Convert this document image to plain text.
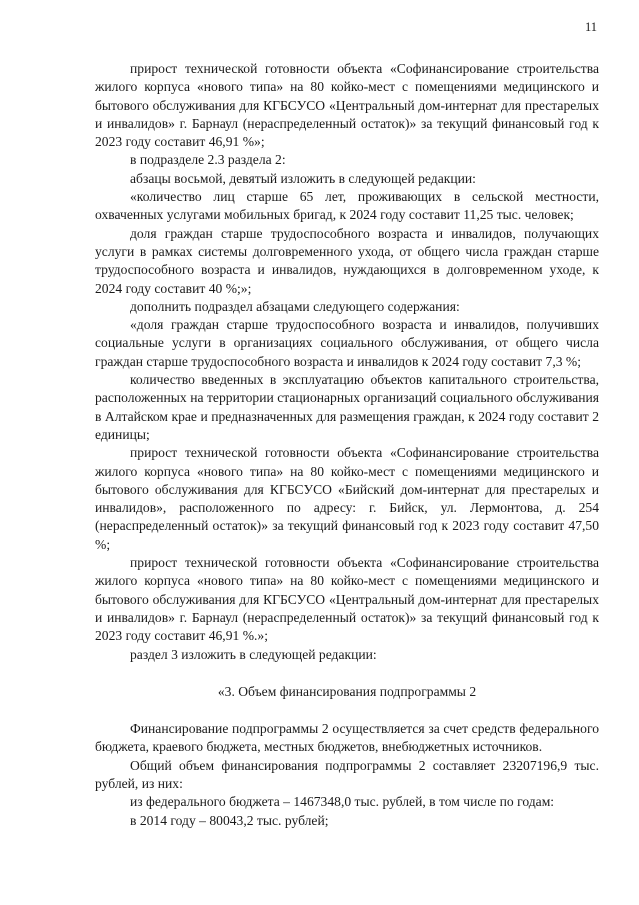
11

прирост технической готовности объекта «Софинансирование строительства жилого корпуса «нового типа» на 80 койко-мест с помещениями медицинского и бытового обслуживания для КГБСУСО «Центральный дом-интернат для престарелых и инвалидов» г. Барнаул (нераспределенный остаток)» за текущий финансовый год к 2023 году составит 46,91 %»;

в подразделе 2.3 раздела 2:

абзацы восьмой, девятый изложить в следующей редакции:

«количество лиц старше 65 лет, проживающих в сельской местности, охваченных услугами мобильных бригад, к 2024 году составит 11,25 тыс. человек;

доля граждан старше трудоспособного возраста и инвалидов, получающих услуги в рамках системы долговременного ухода, от общего числа граждан старше трудоспособного возраста и инвалидов, нуждающихся в долговременном уходе, к 2024 году составит 40 %;»;

дополнить подраздел абзацами следующего содержания:

«доля граждан старше трудоспособного возраста и инвалидов, получивших социальные услуги в организациях социального обслуживания, от общего числа граждан старше трудоспособного возраста и инвалидов к 2024 году составит 7,3 %;

количество введенных в эксплуатацию объектов капитального строительства, расположенных на территории стационарных организаций социального обслуживания в Алтайском крае и предназначенных для размещения граждан, к 2024 году составит 2 единицы;

прирост технической готовности объекта «Софинансирование строительства жилого корпуса «нового типа» на 80 койко-мест с помещениями медицинского и бытового обслуживания для КГБСУСО «Бийский дом-интернат для престарелых и инвалидов», расположенного по адресу: г. Бийск, ул. Лермонтова, д. 254 (нераспределенный остаток)» за текущий финансовый год к 2023 году составит 47,50 %;

прирост технической готовности объекта «Софинансирование строительства жилого корпуса «нового типа» на 80 койко-мест с помещениями медицинского и бытового обслуживания для КГБСУСО «Центральный дом-интернат для престарелых и инвалидов» г. Барнаул (нераспределенный остаток)» за текущий финансовый год к 2023 году составит 46,91 %.»;

раздел 3 изложить в следующей редакции:

«3. Объем финансирования подпрограммы 2

Финансирование подпрограммы 2 осуществляется за счет средств федерального бюджета, краевого бюджета, местных бюджетов, внебюджетных источников.

Общий объем финансирования подпрограммы 2 составляет 23207196,9 тыс. рублей, из них:

из федерального бюджета – 1467348,0 тыс. рублей, в том числе по годам:

в 2014 году – 80043,2 тыс. рублей;
